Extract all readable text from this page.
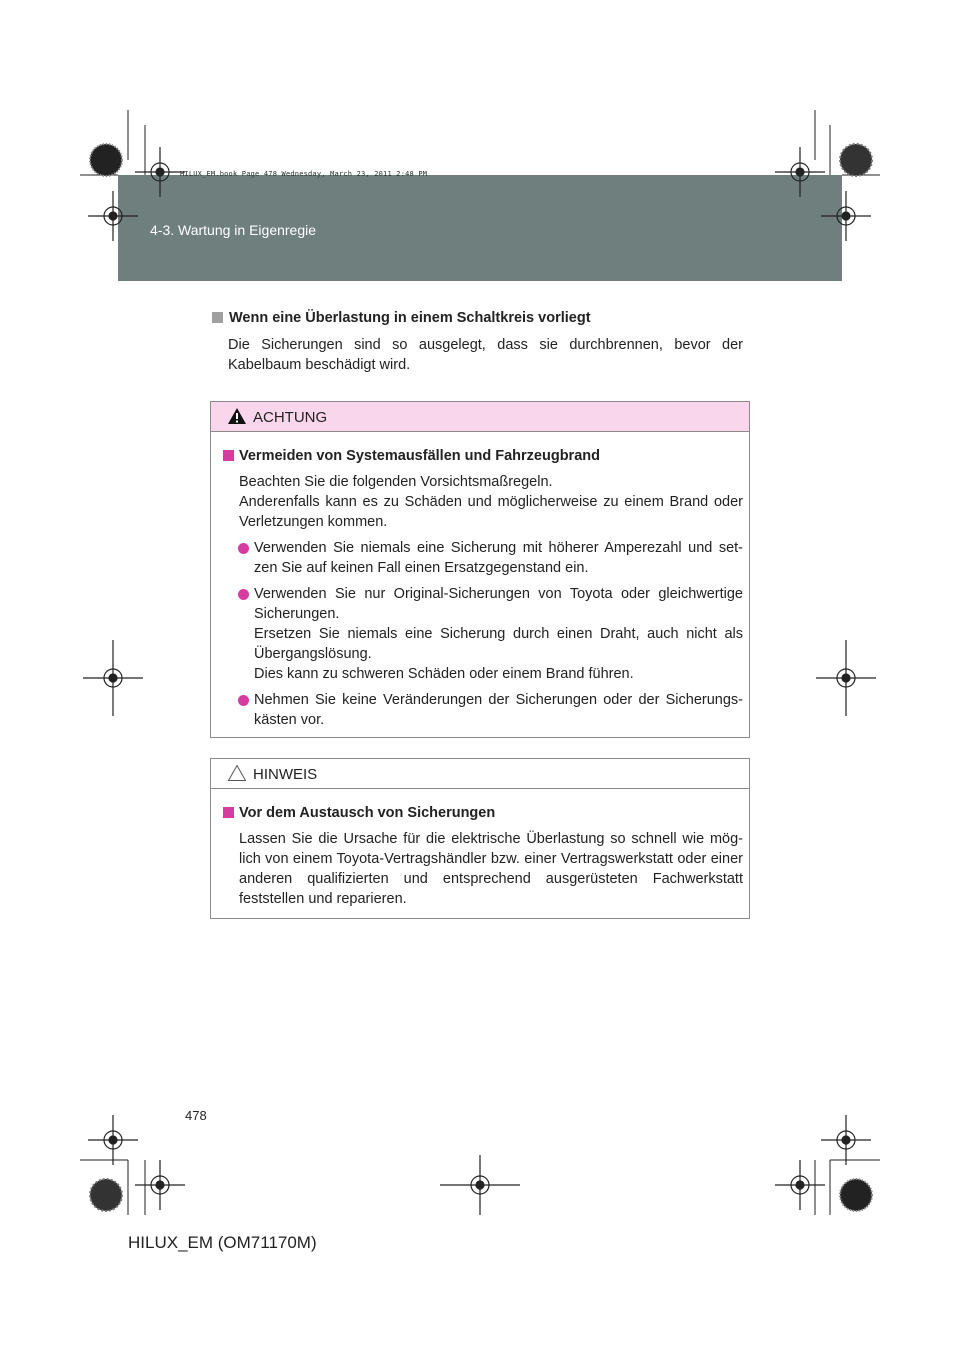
4-3. Wartung in Eigenregie
HILUX_EM.book Page 478 Wednesday, March 23, 2011 2:48 PM
Wenn eine Überlastung in einem Schaltkreis vorliegt

Die Sicherungen sind so ausgelegt, dass sie durchbrennen, bevor der Kabelbaum beschädigt wird.

ACHTUNG
Vermeiden von Systemausfällen und Fahrzeugbrand

Beachten Sie die folgenden Vorsichtsmaßregeln.

Anderenfalls kann es zu Schäden und möglicherweise zu einem Brand oder Verletzungen kommen.

Verwenden Sie niemals eine Sicherung mit höherer Amperezahl und set-zen Sie auf keinen Fall einen Ersatzgegenstand ein.
Verwenden Sie nur Original-Sicherungen von Toyota oder gleichwertige Sicherungen.
Ersetzen Sie niemals eine Sicherung durch einen Draht, auch nicht als Übergangslösung.
Dies kann zu schweren Schäden oder einem Brand führen.
Nehmen Sie keine Veränderungen der Sicherungen oder der Sicherungs-kästen vor.
HINWEIS
Vor dem Austausch von Sicherungen

Lassen Sie die Ursache für die elektrische Überlastung so schnell wie mög-lich von einem Toyota-Vertragshändler bzw. einer Vertragswerkstatt oder einer anderen qualifizierten und entsprechend ausgerüsteten Fachwerkstatt feststellen und reparieren.

478
HILUX_EM (OM71170M)
